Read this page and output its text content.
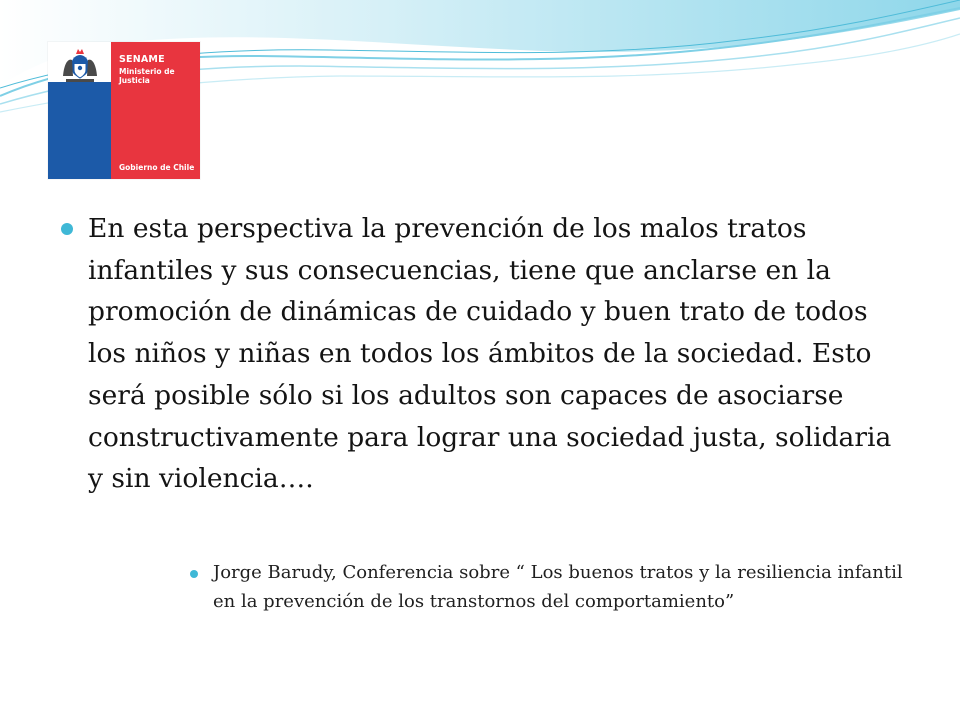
SENAME
Ministerio de Justicia
Gobierno de Chile

En esta perspectiva la prevención de los malos tratos infantiles y sus consecuencias, tiene que anclarse en la promoción de dinámicas de cuidado y buen trato de todos los niños y niñas en todos los ámbitos de la sociedad. Esto será posible sólo si los adultos son capaces de asociarse constructivamente para lograr una sociedad justa, solidaria y sin violencia….

Jorge Barudy, Conferencia sobre “ Los buenos tratos y la resiliencia infantil en la prevención de los transtornos del comportamiento”
